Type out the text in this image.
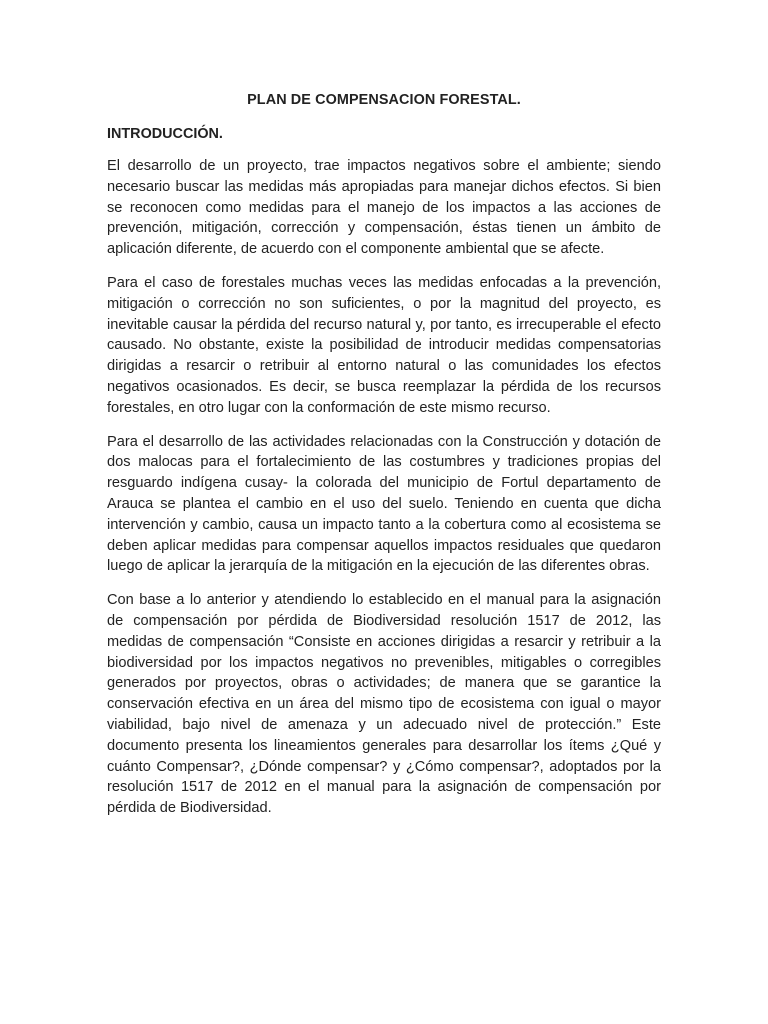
PLAN DE COMPENSACION FORESTAL.
INTRODUCCIÓN.

El desarrollo de un proyecto, trae impactos negativos sobre el ambiente; siendo necesario buscar las medidas más apropiadas para manejar dichos efectos. Si bien se reconocen como medidas para el manejo de los impactos a las acciones de prevención, mitigación, corrección y compensación, éstas tienen un ámbito de aplicación diferente, de acuerdo con el componente ambiental que se afecte.

Para el caso de forestales muchas veces las medidas enfocadas a la prevención, mitigación o corrección no son suficientes, o por la magnitud del proyecto, es inevitable causar la pérdida del recurso natural y, por tanto, es irrecuperable el efecto causado. No obstante, existe la posibilidad de introducir medidas compensatorias dirigidas a resarcir o retribuir al entorno natural o las comunidades los efectos negativos ocasionados. Es decir, se busca reemplazar la pérdida de los recursos forestales, en otro lugar con la conformación de este mismo recurso.

Para el desarrollo de las actividades relacionadas con la Construcción y dotación de dos malocas para el fortalecimiento de las costumbres y tradiciones propias del resguardo indígena cusay- la colorada del municipio de Fortul departamento de Arauca se plantea el cambio en el uso del suelo. Teniendo en cuenta que dicha intervención y cambio, causa un impacto tanto a la cobertura como al ecosistema se deben aplicar medidas para compensar aquellos impactos residuales que quedaron luego de aplicar la jerarquía de la mitigación en la ejecución de las diferentes obras.

Con base a lo anterior y atendiendo lo establecido en el manual para la asignación de compensación por pérdida de Biodiversidad resolución 1517 de 2012, las medidas de compensación “Consiste en acciones dirigidas a resarcir y retribuir a la biodiversidad por los impactos negativos no prevenibles, mitigables o corregibles generados por proyectos, obras o actividades; de manera que se garantice la conservación efectiva en un área del mismo tipo de ecosistema con igual o mayor viabilidad, bajo nivel de amenaza y un adecuado nivel de protección.” Este documento presenta los lineamientos generales para desarrollar los ítems ¿Qué y cuánto Compensar?, ¿Dónde compensar? y ¿Cómo compensar?, adoptados por la resolución 1517 de 2012 en el manual para la asignación de compensación por pérdida de Biodiversidad.
